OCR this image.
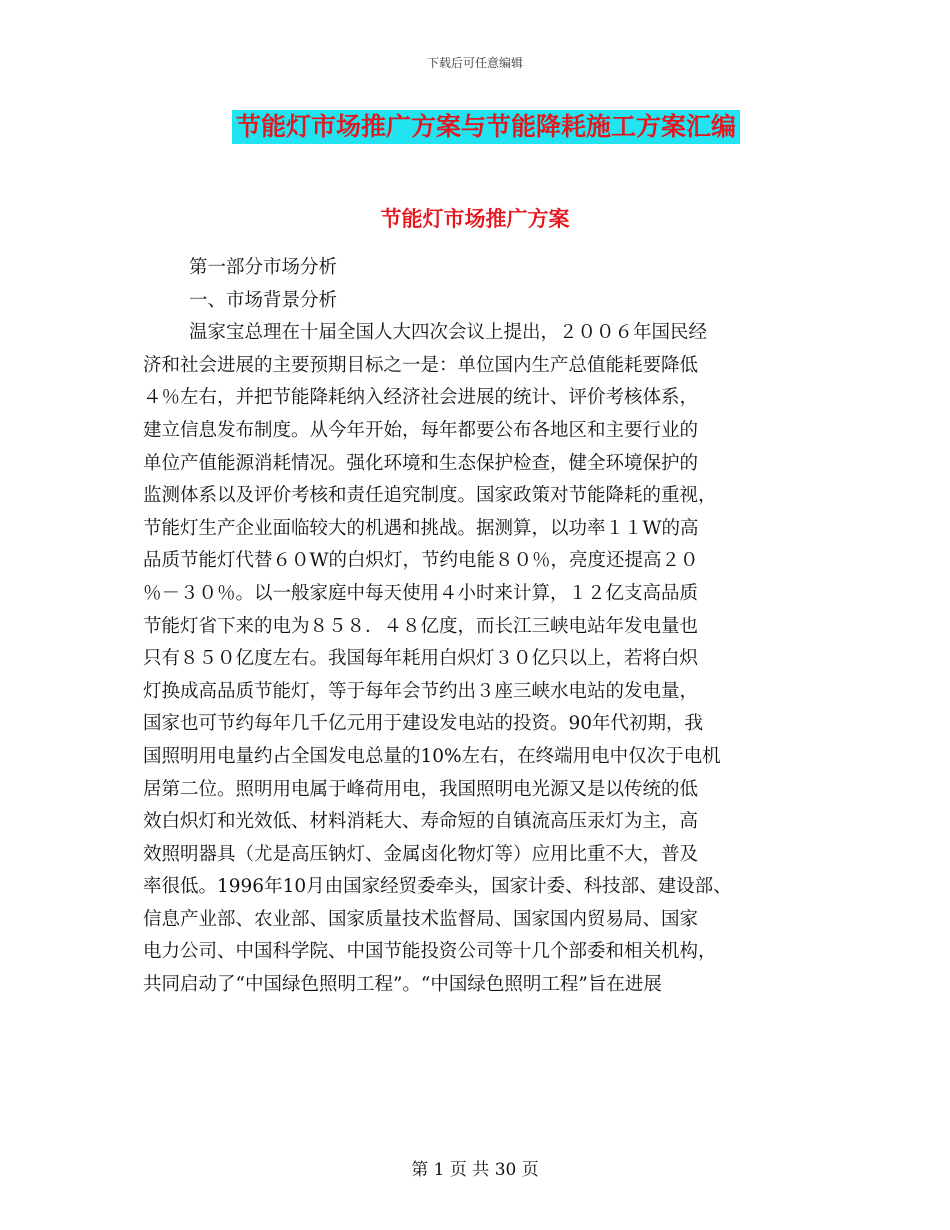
下载后可任意编辑
节能灯市场推广方案与节能降耗施工方案汇编
节能灯市场推广方案
第一部分市场分析
一、市场背景分析
温家宝总理在十届全国人大四次会议上提出，２００６年国民经
济和社会进展的主要预期目标之一是：单位国内生产总值能耗要降低
４％左右，并把节能降耗纳入经济社会进展的统计、评价考核体系，
建立信息发布制度。从今年开始，每年都要公布各地区和主要行业的
单位产值能源消耗情况。强化环境和生态保护检查，健全环境保护的
监测体系以及评价考核和责任追究制度。国家政策对节能降耗的重视，
节能灯生产企业面临较大的机遇和挑战。据测算，以功率１１W的高
品质节能灯代替６０W的白炽灯，节约电能８０％，亮度还提高２０
％－３０％。以一般家庭中每天使用４小时来计算，１２亿支高品质
节能灯省下来的电为８５８．４８亿度，而长江三峡电站年发电量也
只有８５０亿度左右。我国每年耗用白炽灯３０亿只以上，若将白炽
灯换成高品质节能灯，等于每年会节约出３座三峡水电站的发电量，
国家也可节约每年几千亿元用于建设发电站的投资。90年代初期，我
国照明用电量约占全国发电总量的10%左右，在终端用电中仅次于电机
居第二位。照明用电属于峰荷用电，我国照明电光源又是以传统的低
效白炽灯和光效低、材料消耗大、寿命短的自镇流高压汞灯为主，高
效照明器具（尤是高压钠灯、金属卤化物灯等）应用比重不大，普及
率很低。1996年10月由国家经贸委牵头，国家计委、科技部、建设部、
信息产业部、农业部、国家质量技术监督局、国家国内贸易局、国家
电力公司、中国科学院、中国节能投资公司等十几个部委和相关机构，
共同启动了“中国绿色照明工程”。“中国绿色照明工程”旨在进展
第 1 页 共 30 页
